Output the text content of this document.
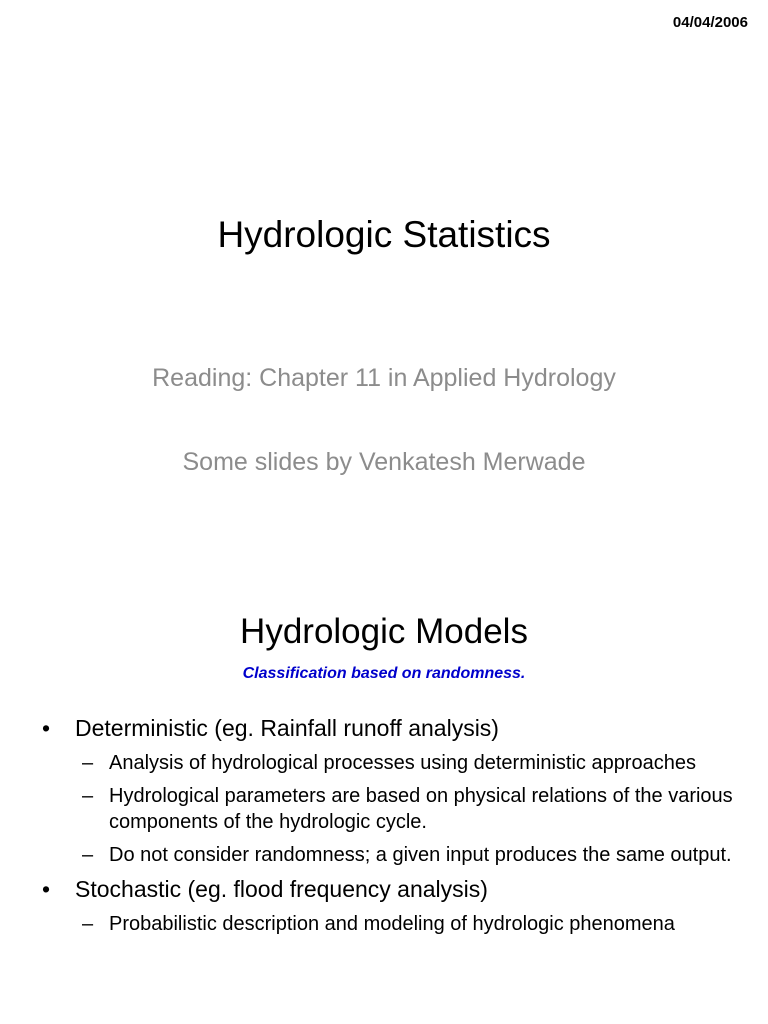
04/04/2006
Hydrologic Statistics

Reading: Chapter 11 in Applied Hydrology

Some slides by Venkatesh Merwade

Hydrologic Models
Classification based on randomness.
• Deterministic (eg. Rainfall runoff analysis)
– Analysis of hydrological processes using deterministic approaches
– Hydrological parameters are based on physical relations of the various components of the hydrologic cycle.
– Do not consider randomness; a given input produces the same output.
• Stochastic (eg. flood frequency analysis)
– Probabilistic description and modeling of hydrologic phenomena
